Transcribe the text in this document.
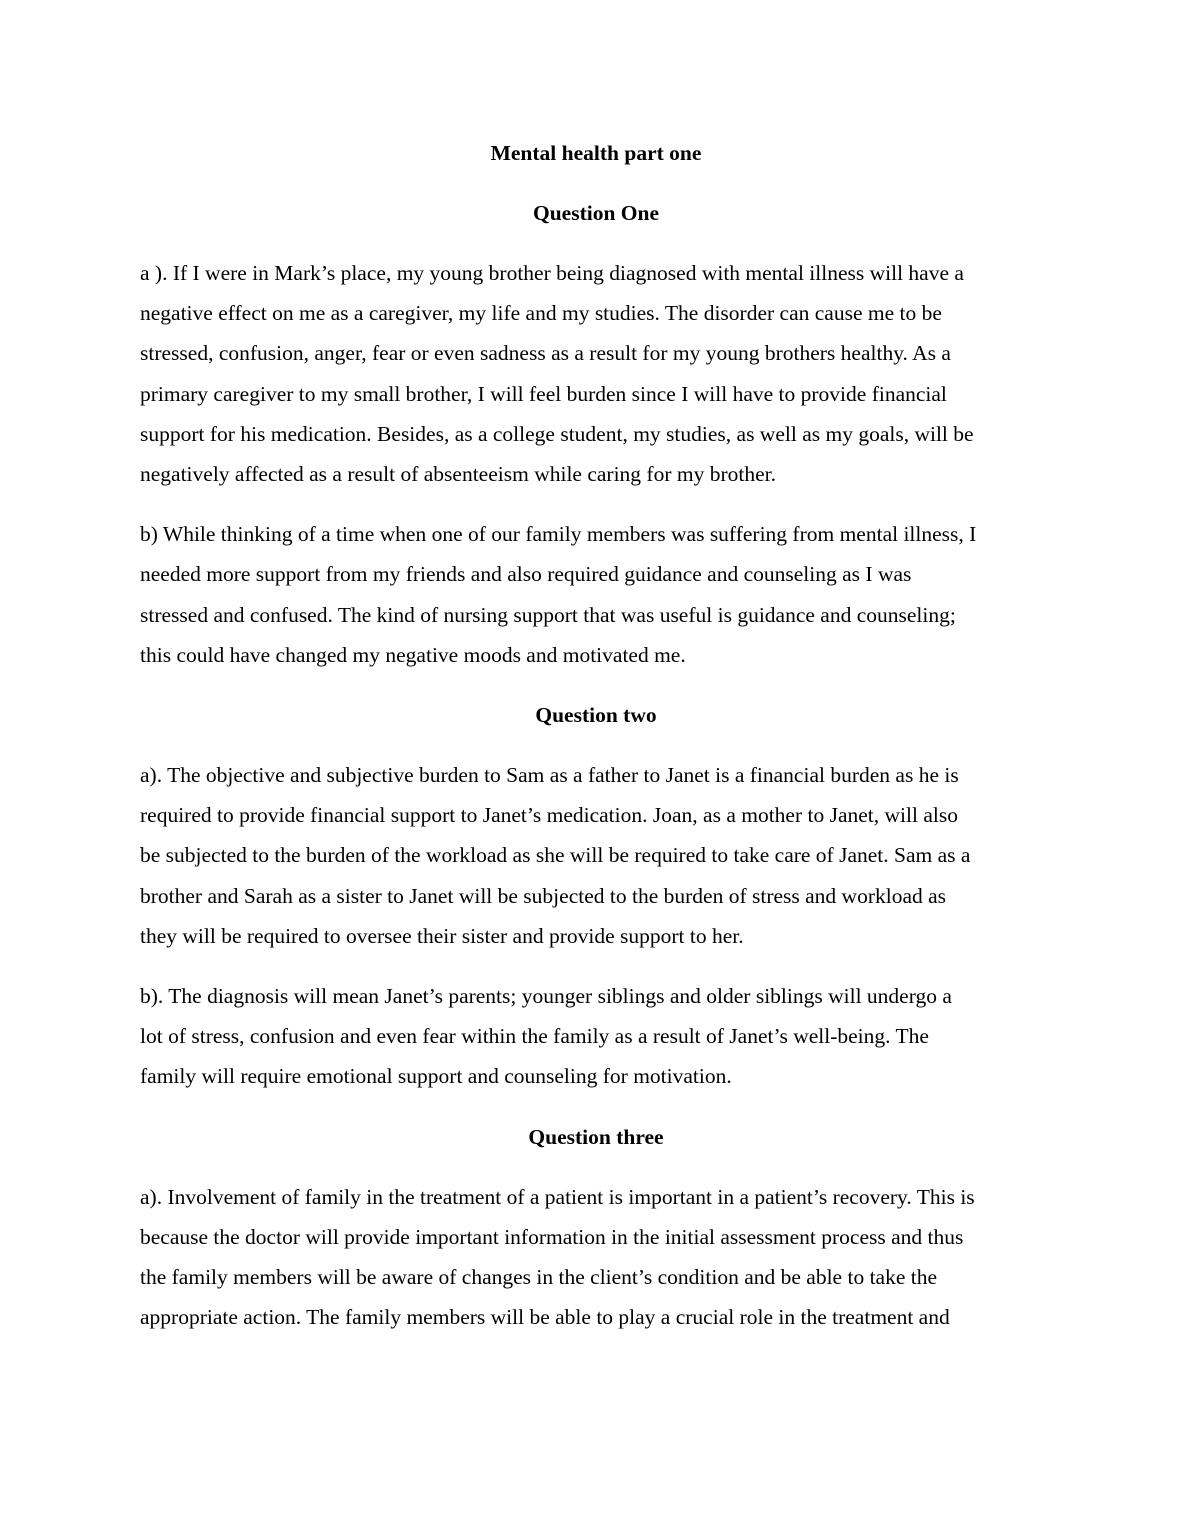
Mental health part one
Question One
a ). If I were in Mark’s place, my young brother being diagnosed with mental illness will have a
negative effect on me as a caregiver, my life and my studies. The disorder can cause me to be
stressed, confusion, anger, fear or even sadness as a result for my young brothers healthy. As a
primary caregiver to my small brother, I will feel burden since I will have to provide financial
support for his medication. Besides, as a college student, my studies, as well as my goals, will be
negatively affected as a result of absenteeism while caring for my brother.
b) While thinking of a time when one of our family members was suffering from mental illness, I
needed more support from my friends and also required guidance and counseling as I was
stressed and confused. The kind of nursing support that was useful is guidance and counseling;
this could have changed my negative moods and motivated me.
Question two
a). The objective and subjective burden to Sam as a father to Janet is a financial burden as he is
required to provide financial support to Janet’s medication. Joan, as a mother to Janet, will also
be subjected to the burden of the workload as she will be required to take care of Janet. Sam as a
brother and Sarah as a sister to Janet will be subjected to the burden of stress and workload as
they will be required to oversee their sister and provide support to her.
b). The diagnosis will mean Janet’s parents; younger siblings and older siblings will undergo a
lot of stress, confusion and even fear within the family as a result of Janet’s well-being. The
family will require emotional support and counseling for motivation.
Question three
a). Involvement of family in the treatment of a patient is important in a patient’s recovery. This is
because the doctor will provide important information in the initial assessment process and thus
the family members will be aware of changes in the client’s condition and be able to take the
appropriate action. The family members will be able to play a crucial role in the treatment and
